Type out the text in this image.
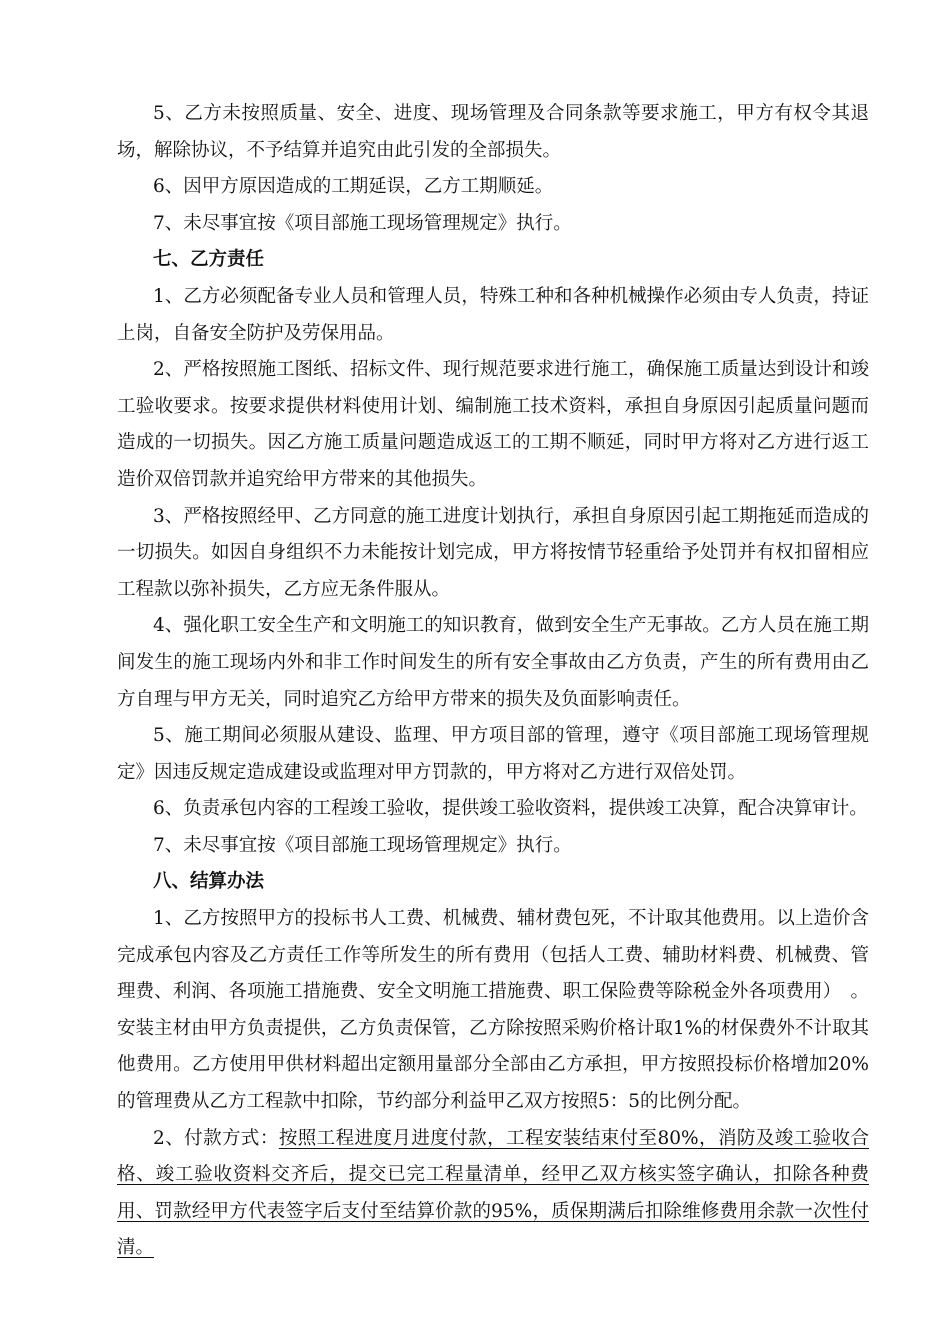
5、乙方未按照质量、安全、进度、现场管理及合同条款等要求施工，甲方有权令其退场，解除协议，不予结算并追究由此引发的全部损失。

6、因甲方原因造成的工期延误，乙方工期顺延。

7、未尽事宜按《项目部施工现场管理规定》执行。

七、乙方责任

1、乙方必须配备专业人员和管理人员，特殊工种和各种机械操作必须由专人负责，持证上岗，自备安全防护及劳保用品。

2、严格按照施工图纸、招标文件、现行规范要求进行施工，确保施工质量达到设计和竣工验收要求。按要求提供材料使用计划、编制施工技术资料，承担自身原因引起质量问题而造成的一切损失。因乙方施工质量问题造成返工的工期不顺延，同时甲方将对乙方进行返工造价双倍罚款并追究给甲方带来的其他损失。

3、严格按照经甲、乙方同意的施工进度计划执行，承担自身原因引起工期拖延而造成的一切损失。如因自身组织不力未能按计划完成，甲方将按情节轻重给予处罚并有权扣留相应工程款以弥补损失，乙方应无条件服从。

4、强化职工安全生产和文明施工的知识教育，做到安全生产无事故。乙方人员在施工期间发生的施工现场内外和非工作时间发生的所有安全事故由乙方负责，产生的所有费用由乙方自理与甲方无关，同时追究乙方给甲方带来的损失及负面影响责任。

5、施工期间必须服从建设、监理、甲方项目部的管理，遵守《项目部施工现场管理规定》因违反规定造成建设或监理对甲方罚款的，甲方将对乙方进行双倍处罚。

6、负责承包内容的工程竣工验收，提供竣工验收资料，提供竣工决算，配合决算审计。

7、未尽事宜按《项目部施工现场管理规定》执行。

八、结算办法

1、乙方按照甲方的投标书人工费、机械费、辅材费包死，不计取其他费用。以上造价含完成承包内容及乙方责任工作等所发生的所有费用（包括人工费、辅助材料费、机械费、管理费、利润、各项施工措施费、安全文明施工措施费、职工保险费等除税金外各项费用）　。安装主材由甲方负责提供，乙方负责保管，乙方除按照采购价格计取1%的材保费外不计取其他费用。乙方使用甲供材料超出定额用量部分全部由乙方承担，甲方按照投标价格增加20%的管理费从乙方工程款中扣除，节约部分利益甲乙双方按照5：5的比例分配。

2、付款方式：按照工程进度月进度付款，工程安装结束付至80%，消防及竣工验收合格、竣工验收资料交齐后，提交已完工程量清单，经甲乙双方核实签字确认，扣除各种费用、罚款经甲方代表签字后支付至结算价款的95%，质保期满后扣除维修费用余款一次性付清。
